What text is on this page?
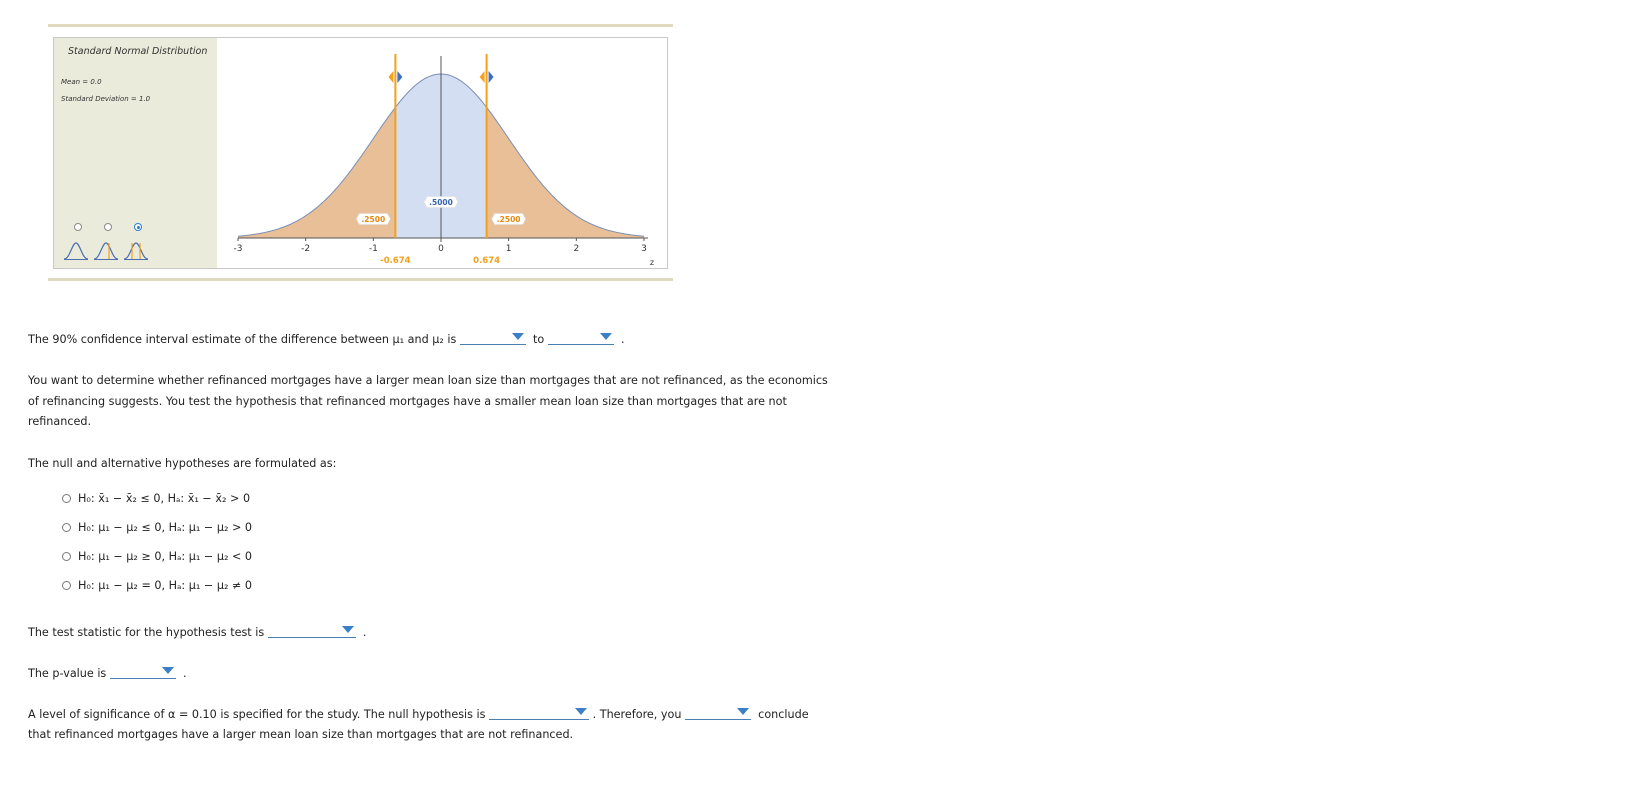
Standard Normal Distribution
Mean = 0.0
Standard Deviation = 1.0
-3	-2	-1	0	1	2	3
z
-0.674	0.674
.2500
.5000
.2500
The 90% confidence interval estimate of the difference between μ₁ and μ₂ is	to	.
You want to determine whether refinanced mortgages have a larger mean loan size than mortgages that are not refinanced, as the economics
of refinancing suggests. You test the hypothesis that refinanced mortgages have a smaller mean loan size than mortgages that are not
refinanced.
The null and alternative hypotheses are formulated as:
H₀: x̄₁ − x̄₂ ≤ 0, Hₐ: x̄₁ − x̄₂ > 0
H₀: μ₁ − μ₂ ≤ 0, Hₐ: μ₁ − μ₂ > 0
H₀: μ₁ − μ₂ ≥ 0, Hₐ: μ₁ − μ₂ < 0
H₀: μ₁ − μ₂ = 0, Hₐ: μ₁ − μ₂ ≠ 0
The test statistic for the hypothesis test is	.
The p-value is	.
A level of significance of α = 0.10 is specified for the study. The null hypothesis is	. Therefore, you	conclude
that refinanced mortgages have a larger mean loan size than mortgages that are not refinanced.
